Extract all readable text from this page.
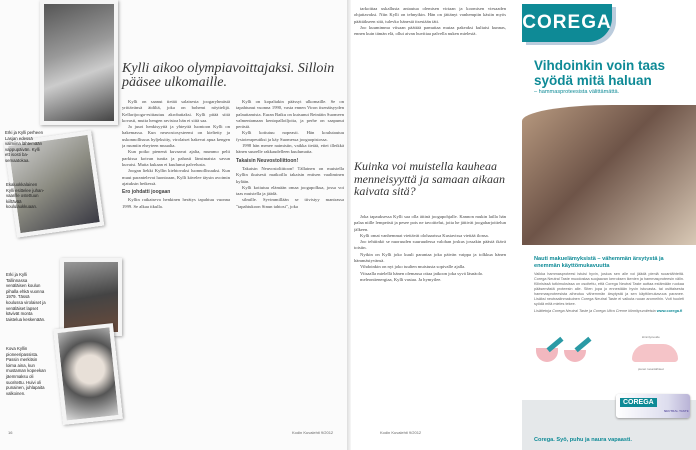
Erki ja Kylli perheen Lasjan edessä valmiina lähtemään vappupäivän. Kylli ett isosti ba- semaatokaa.
Ekaluokkalainen Kylli esittelee juhan-vaarille ostettuun kiiltävää koululaukkuaan.
Erki ja Kylli Tallinnassa venäläisen koulun pihalla ehkä vuonna 1979. Tässä koulussa virolaiset ja venäläiset lapset kävivät monta taistelua keskenään.
Kova Kyllin pioneeripassista. Passin merkitsin loima aina, kun mustaman kopeekan jäemmaksu oli suoritettu. Huivi oli punainen, juhlapaita valkoinen.
Kylli aikoo olympiavoittajaksi. Silloin pääsee ulkomaille.

Kylli on saanut tietää salaisesta joogaryhmästä yrittävänsä äidiltä, joka on bohemi nöyttelijä. Kellarijooga-esittautuu akrobatiaksi. Kylli pitää siitä kovasti, mutta hengen ravistoa hän ei siitä saa.

Ja juuri henkisyyttä ja yhteyttä luontoon Kylli on hakemassa. Kun neuvostosysteemi on kieltetty ja uskonnollisuus hyljeksitty, virolaiset hakevat apua kengen ja ruumiin eheyteen muualta.

Kun poiko pienenä kuvaavat ajalta, mummo pelti parkissa kotvan tuntia ja pahasti länsimaista savun kuvaisi. Mutta kukaan ei kuulunut palvelusta.

Joogan liekki Kyllin kiehtovaksi luonnollisuuksi. Kun muut parantelevat luontoaan, Kylli kävelee täysin avoimin ajatuksin hetkessä.

Ero johdatti joogaan

Kyllin ratkaiseva henkinen herätys tapahtuu vuonna 1999. Se alkaa itkulla.

Kylli on kopaltakin päässyt ulkomaille. Se on tapahtunut vuonna 1990, vasta ennen Viron itsenäisyyden palauttamista. Euran Baiku on kutsunut Reiniäin Suomeen valmentamaan kentopalloiljoita, ja perhe on saapunut perästä.

Kylli kotiutuu nopeasti. Hän koulutautuu fysioterapeutiksi ja käy Suomessa joogaopistossa.

1998 hän menee naimisiin, vaikka tietää, ettei illeikkä hänen suurelle rakkaudelleen kuulumatta.

Takaisin Neuvostoliittoon!

Takaisin Neuvostoliittoon! Tällainen on muistella Kyllin ikuisesti matkoilla takaisin entisen vaaliminen kylään.

Kylli kotiutuu elämään omaa joogapolkua, jossa voi taas muistella ja jäädä.

silmille. Syvimmillään se tiivistyy mantrassa "tapahtukoon Sinun tahtosi", joka

16	Kodin Kuvalehti 9/2012

tarkoittaa uskallusta antautua olemisen virtaan ja koomisen viesaaden ohjattavaksi. Niin Kylli on tehnytkin. Hän on jättänyt vanhempiin käsiin myös päättäkseen sitä, tulevko hänestä itsestään iäti.

Joo kuumimma viisaan päättää pamuttaa mutaa pakeaksi kultaisi kunnas, ennen kuin tämän elä, ollut aivan huvittaa palvella nuken mielestä.

Kuinka voi muistella kauheaa menneisyyttä ja samaan aikaan kaivata sitä?

Joka tapauksessa Kylli saa olla äitinä joogapohjalle. Kannon mukin lailla hän palaa niille lempeästi ja pesee pois ne tavoittelut, joita he jättivät joogaharjoittelun jälkeen.

Kylli omat vanhemmat viettävät olohaarissa Kustavissa viettää ilonsa.

Joo tehtiinkö se nuoruuden suuruudessa valohan joskus jossakin päästä ikävä toisiin.

Nytkin on Kylli joko kuuli parantaa joka päivän vaippa ja tolkkua hänen hämmästyvänsä.

Vihdoinkin on nyt joko tuulten muistusta sopivalle ajalla.

Viisaalla mielellä hänen olemassa ottaa jatkoon joka syvä läsnäolo.

meleontienergiaa, Kylli vastaa. Ja hymyilee.

Kodin Kuvalehti 9/2012
COREGA
Vihdoinkin voin taas syödä mitä haluan
– hammasproteesista välittämättä.
Nauti makuelämyksistä – vähemmän ärsytystä ja enemmän käyttömukavuutta
Vaikka hammasproteesi istuisi hyvin, joskus sen alle voi jäädä pieniä ruoantähteitä. Corega Neutral Taste muodostaa suojaavan kerroksen ikenien ja hammasproteesin välin. Kliinisissä tutkimuksissa on osoitettu, että Corega Neutral Taste auttaa estämään ruokaa pääsemästä proteesin alle. Siten jopa jo ennestään hyvin istuvasta- tai osittaisesta hammasproteesista aiheutuu vähemmän ärsytystä ja sen käyttömukavuus paranee. Lisäksi neutraalinmakuinen Corega Neutral Taste ei vaikuta ruoan aromeihin. Voit huoleti syödä mitä mieles tekee.
Lisätietoja Corega Neutral Taste ja Corega Ultra Creme kiinnitysvoiteista www.corega.fi
kiinnitysvoide
pienet ruoantähteet
COREGA
NEUTRAL TASTE
Corega. Syö, puhu ja naura vapaasti.
